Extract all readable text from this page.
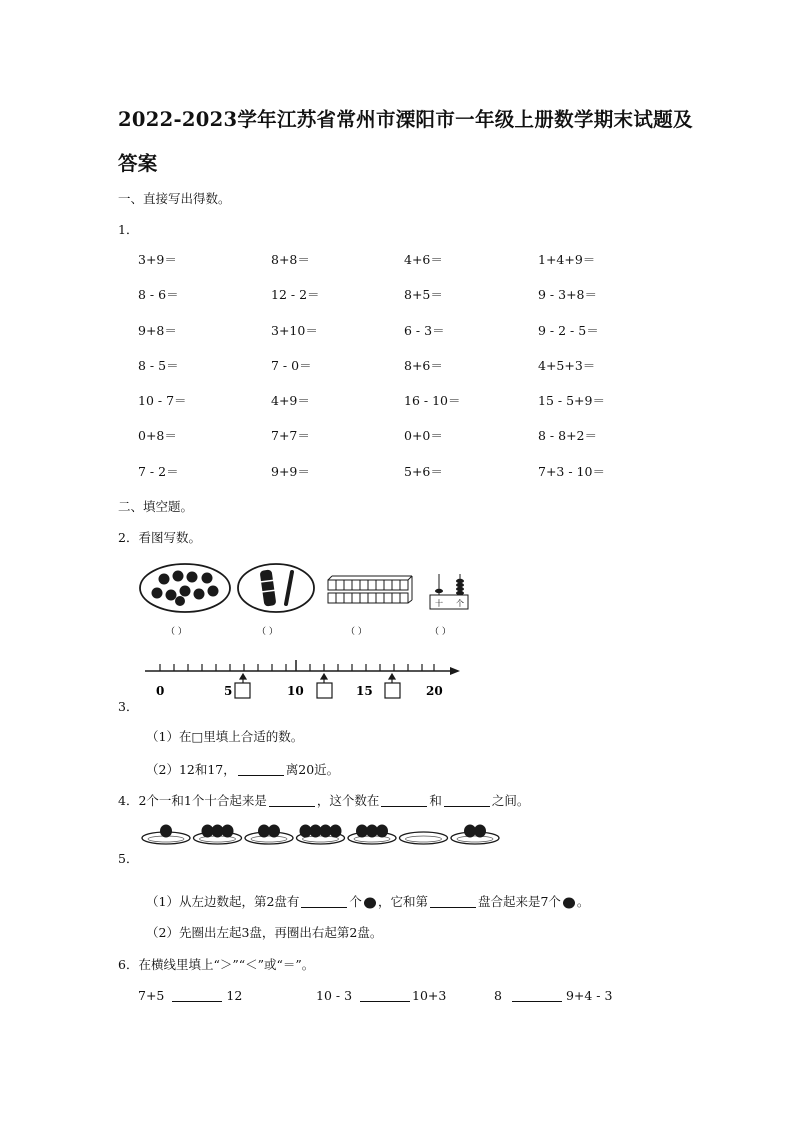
2022-2023学年江苏省常州市溧阳市一年级上册数学期末试题及答案
一、直接写出得数。
1．
3+9＝	8+8＝	4+6＝	1+4+9＝
8 - 6＝	12 - 2＝	8+5＝	9 - 3+8＝
9+8＝	3+10＝	6 - 3＝	9 - 2 - 5＝
8 - 5＝	7 - 0＝	8+6＝	4+5+3＝
10 - 7＝	4+9＝	16 - 10＝	15 - 5+9＝
0+8＝	7+7＝	0+0＝	8 - 8+2＝
7 - 2＝	9+9＝	5+6＝	7+3 - 10＝
二、填空题。
2．看图写数。
十 个
（ ）	（ ）	（ ）	（ ）
0	5	10	15	20
3．
（1）在□里填上合适的数。
（2）12和17，	离20近。
4．2个一和1个十合起来是	，这个数在	和	之间。
5．
（1）从左边数起，第2盘有	个 ，它和第	盘合起来是7个 。
（2）先圈出左起3盘，再圈出右起第2盘。
6．在横线里填上“＞”“＜”或“＝”。
7+5	12	10 - 3	10+3	8	9+4 - 3
